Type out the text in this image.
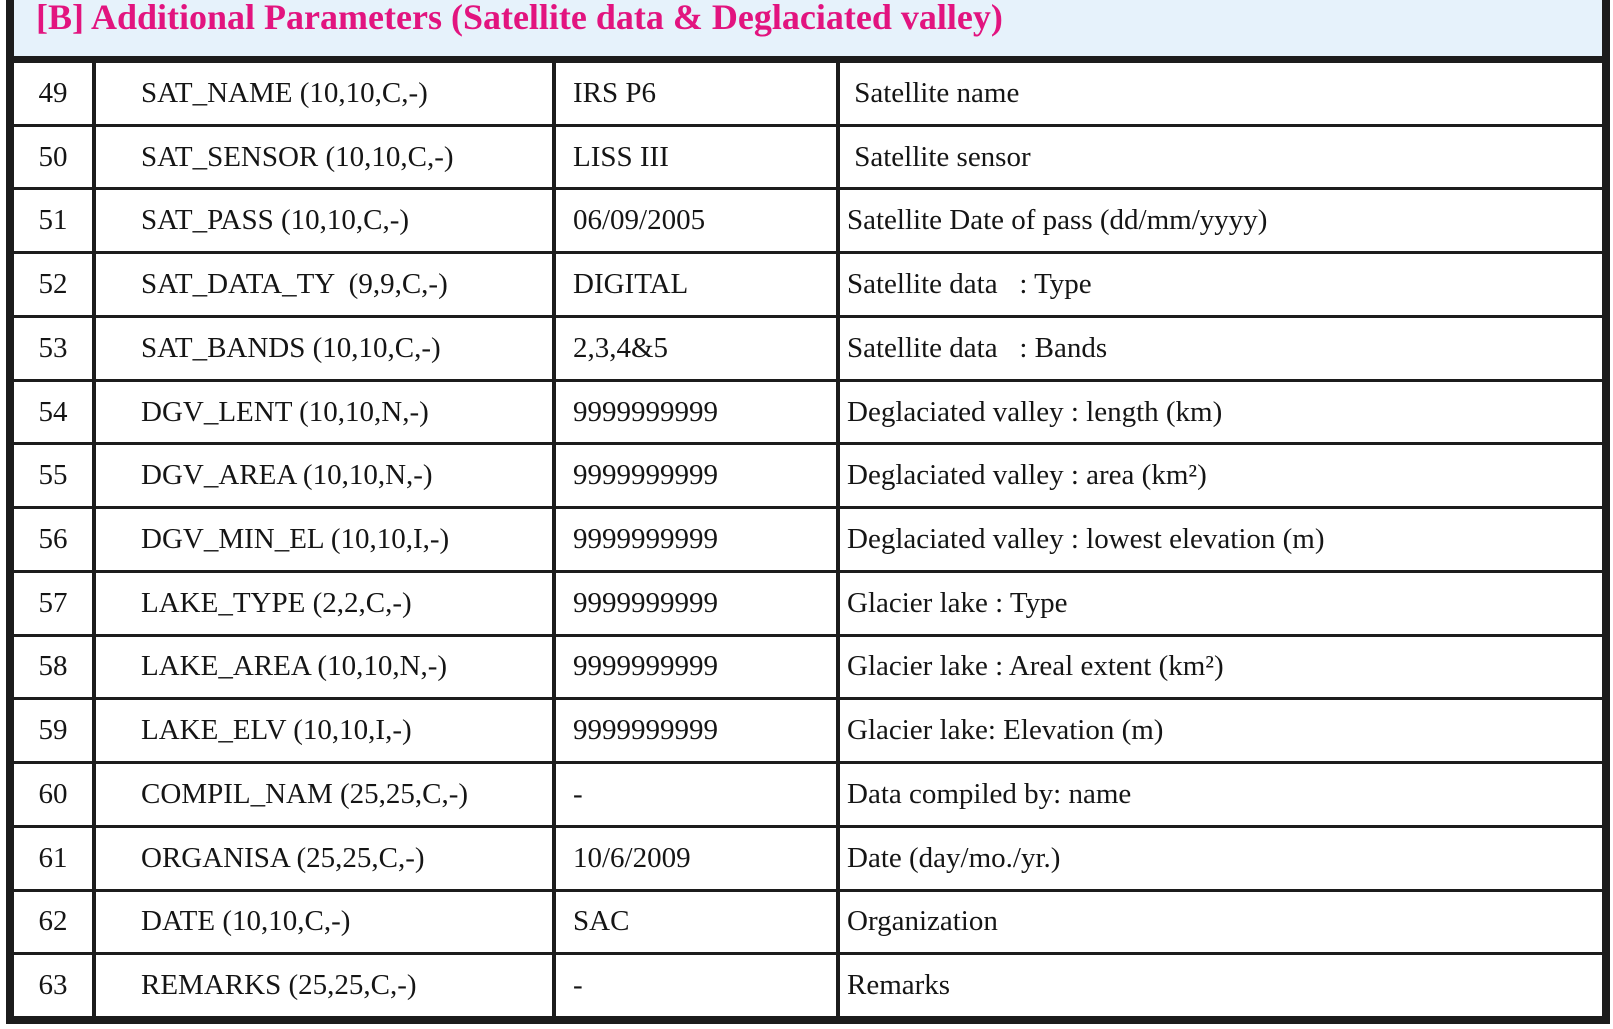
[B] Additional Parameters (Satellite data & Deglaciated valley)
49	SAT_NAME (10,10,C,-)	IRS P6	Satellite name
50	SAT_SENSOR (10,10,C,-)	LISS III	Satellite sensor
51	SAT_PASS (10,10,C,-)	06/09/2005	Satellite Date of pass (dd/mm/yyyy)
52	SAT_DATA_TY  (9,9,C,-)	DIGITAL	Satellite data   : Type
53	SAT_BANDS (10,10,C,-)	2,3,4&5	Satellite data   : Bands
54	DGV_LENT (10,10,N,-)	9999999999	Deglaciated valley : length (km)
55	DGV_AREA (10,10,N,-)	9999999999	Deglaciated valley : area (km²)
56	DGV_MIN_EL (10,10,I,-)	9999999999	Deglaciated valley : lowest elevation (m)
57	LAKE_TYPE (2,2,C,-)	9999999999	Glacier lake : Type
58	LAKE_AREA (10,10,N,-)	9999999999	Glacier lake : Areal extent (km²)
59	LAKE_ELV (10,10,I,-)	9999999999	Glacier lake: Elevation (m)
60	COMPIL_NAM (25,25,C,-)	-	Data compiled by: name
61	ORGANISA (25,25,C,-)	10/6/2009	Date (day/mo./yr.)
62	DATE (10,10,C,-)	SAC	Organization
63	REMARKS (25,25,C,-)	-	Remarks
